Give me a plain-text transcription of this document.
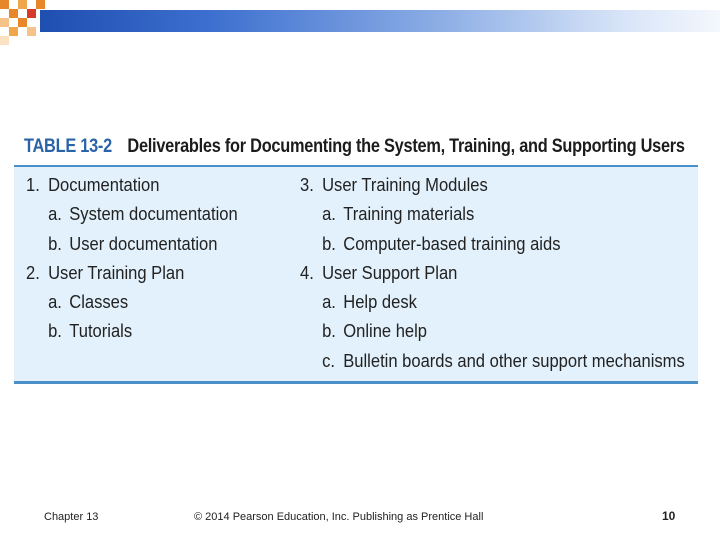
TABLE 13-2 Deliverables for Documenting the System, Training, and Supporting Users
1. Documentation
a. System documentation
b. User documentation
2. User Training Plan
a. Classes
b. Tutorials
3. User Training Modules
a. Training materials
b. Computer-based training aids
4. User Support Plan
a. Help desk
b. Online help
c. Bulletin boards and other support mechanisms
Chapter 13	© 2014 Pearson Education, Inc. Publishing as Prentice Hall	10
